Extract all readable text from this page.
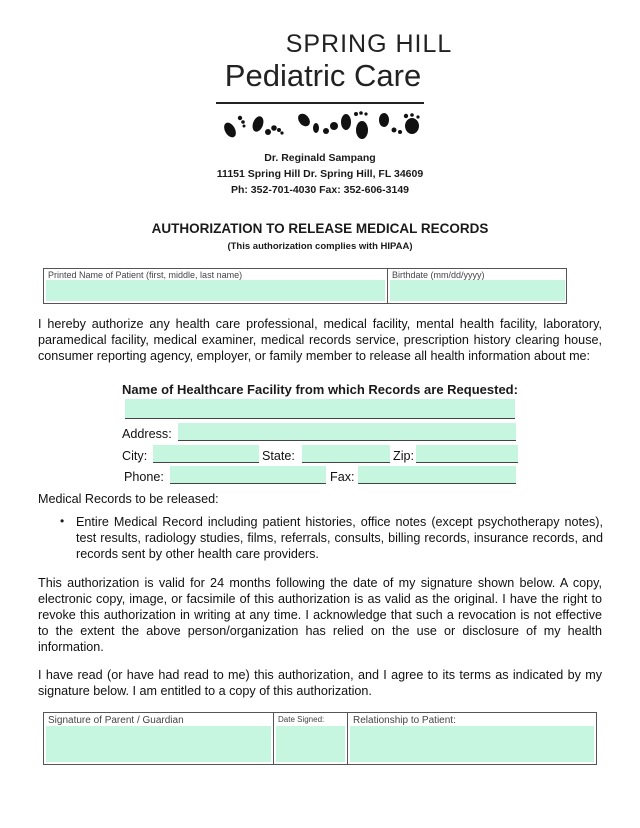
SPRING HILL
Pediatric Care
Dr. Reginald Sampang
11151 Spring Hill Dr. Spring Hill, FL 34609
Ph: 352-701-4030 Fax: 352-606-3149
AUTHORIZATION TO RELEASE MEDICAL RECORDS
(This authorization complies with HIPAA)
Printed Name of Patient (first, middle, last name)	Birthdate (mm/dd/yyyy)
I hereby authorize any health care professional, medical facility, mental health facility, laboratory, paramedical facility, medical examiner, medical records service, prescription history clearing house, consumer reporting agency, employer, or family member to release all health information about me:
Name of Healthcare Facility from which Records are Requested:
Address:
City:	State:	Zip:
Phone:	Fax:
Medical Records to be released:
• Entire Medical Record including patient histories, office notes (except psychotherapy notes), test results, radiology studies, films, referrals, consults, billing records, insurance records, and records sent by other health care providers.
This authorization is valid for 24 months following the date of my signature shown below. A copy, electronic copy, image, or facsimile of this authorization is as valid as the original. I have the right to revoke this authorization in writing at any time. I acknowledge that such a revocation is not effective to the extent the above person/organization has relied on the use or disclosure of my health information.
I have read (or have had read to me) this authorization, and I agree to its terms as indicated by my signature below. I am entitled to a copy of this authorization.
Signature of Parent / Guardian	Date Signed:	Relationship to Patient:
